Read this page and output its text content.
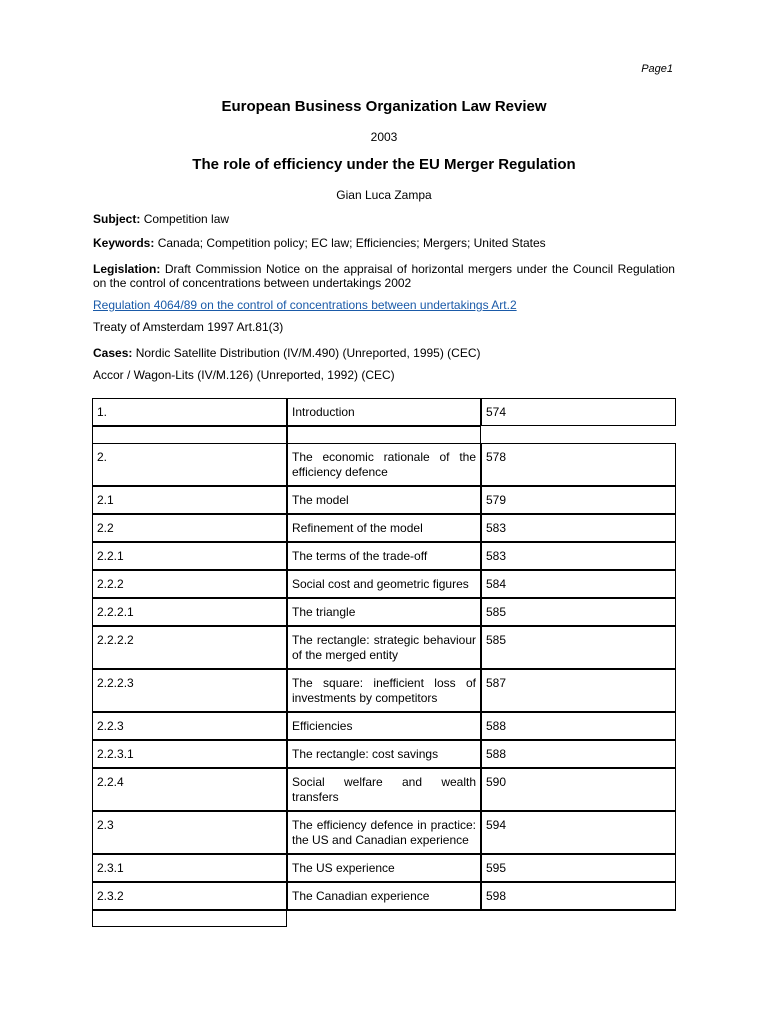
Page1
European Business Organization Law Review
2003
The role of efficiency under the EU Merger Regulation
Gian Luca Zampa
Subject: Competition law
Keywords: Canada; Competition policy; EC law; Efficiencies; Mergers; United States
Legislation: Draft Commission Notice on the appraisal of horizontal mergers under the Council Regulation on the control of concentrations between undertakings 2002
Regulation 4064/89 on the control of concentrations between undertakings Art.2
Treaty of Amsterdam 1997 Art.81(3)
Cases: Nordic Satellite Distribution (IV/M.490) (Unreported, 1995) (CEC)
Accor / Wagon-Lits (IV/M.126) (Unreported, 1992) (CEC)
1.	Introduction	574

2.	The economic rationale of the efficiency defence	578
2.1	The model	579
2.2	Refinement of the model	583
2.2.1	The terms of the trade-off	583
2.2.2	Social cost and geometric figures	584
2.2.2.1	The triangle	585
2.2.2.2	The rectangle: strategic behaviour of the merged entity	585
2.2.2.3	The square: inefficient loss of investments by competitors	587
2.2.3	Efficiencies	588
2.2.3.1	The rectangle: cost savings	588
2.2.4	Social welfare and wealth transfers	590
2.3	The efficiency defence in practice: the US and Canadian experience	594
2.3.1	The US experience	595
2.3.2	The Canadian experience	598
